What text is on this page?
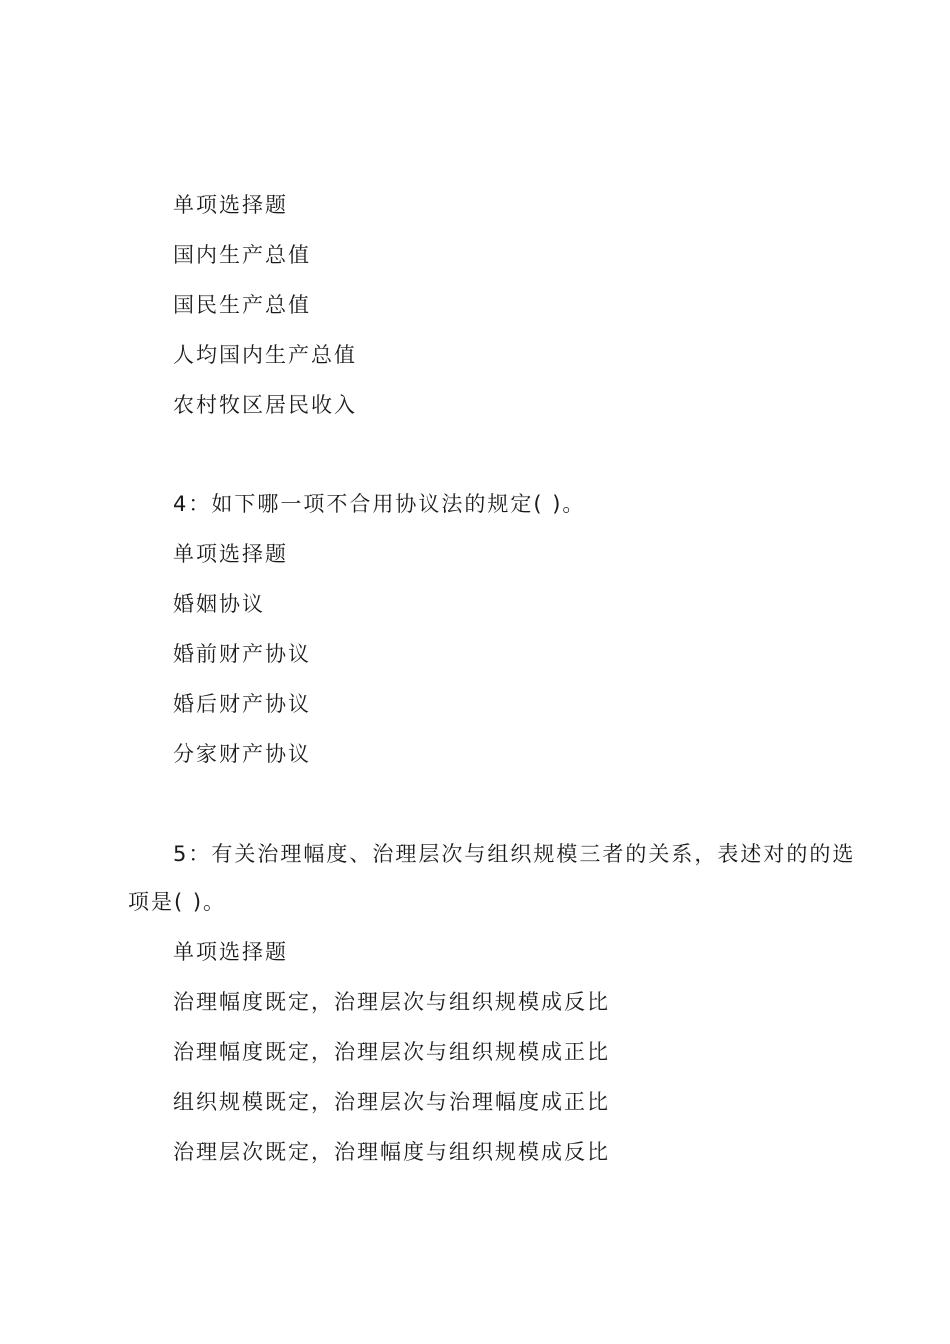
单项选择题
国内生产总值
国民生产总值
人均国内生产总值
农村牧区居民收入
4：如下哪一项不合用协议法的规定( )。
单项选择题
婚姻协议
婚前财产协议
婚后财产协议
分家财产协议
5：有关治理幅度、治理层次与组织规模三者的关系，表述对的的选
项是( )。
单项选择题
治理幅度既定，治理层次与组织规模成反比
治理幅度既定，治理层次与组织规模成正比
组织规模既定，治理层次与治理幅度成正比
治理层次既定，治理幅度与组织规模成反比
